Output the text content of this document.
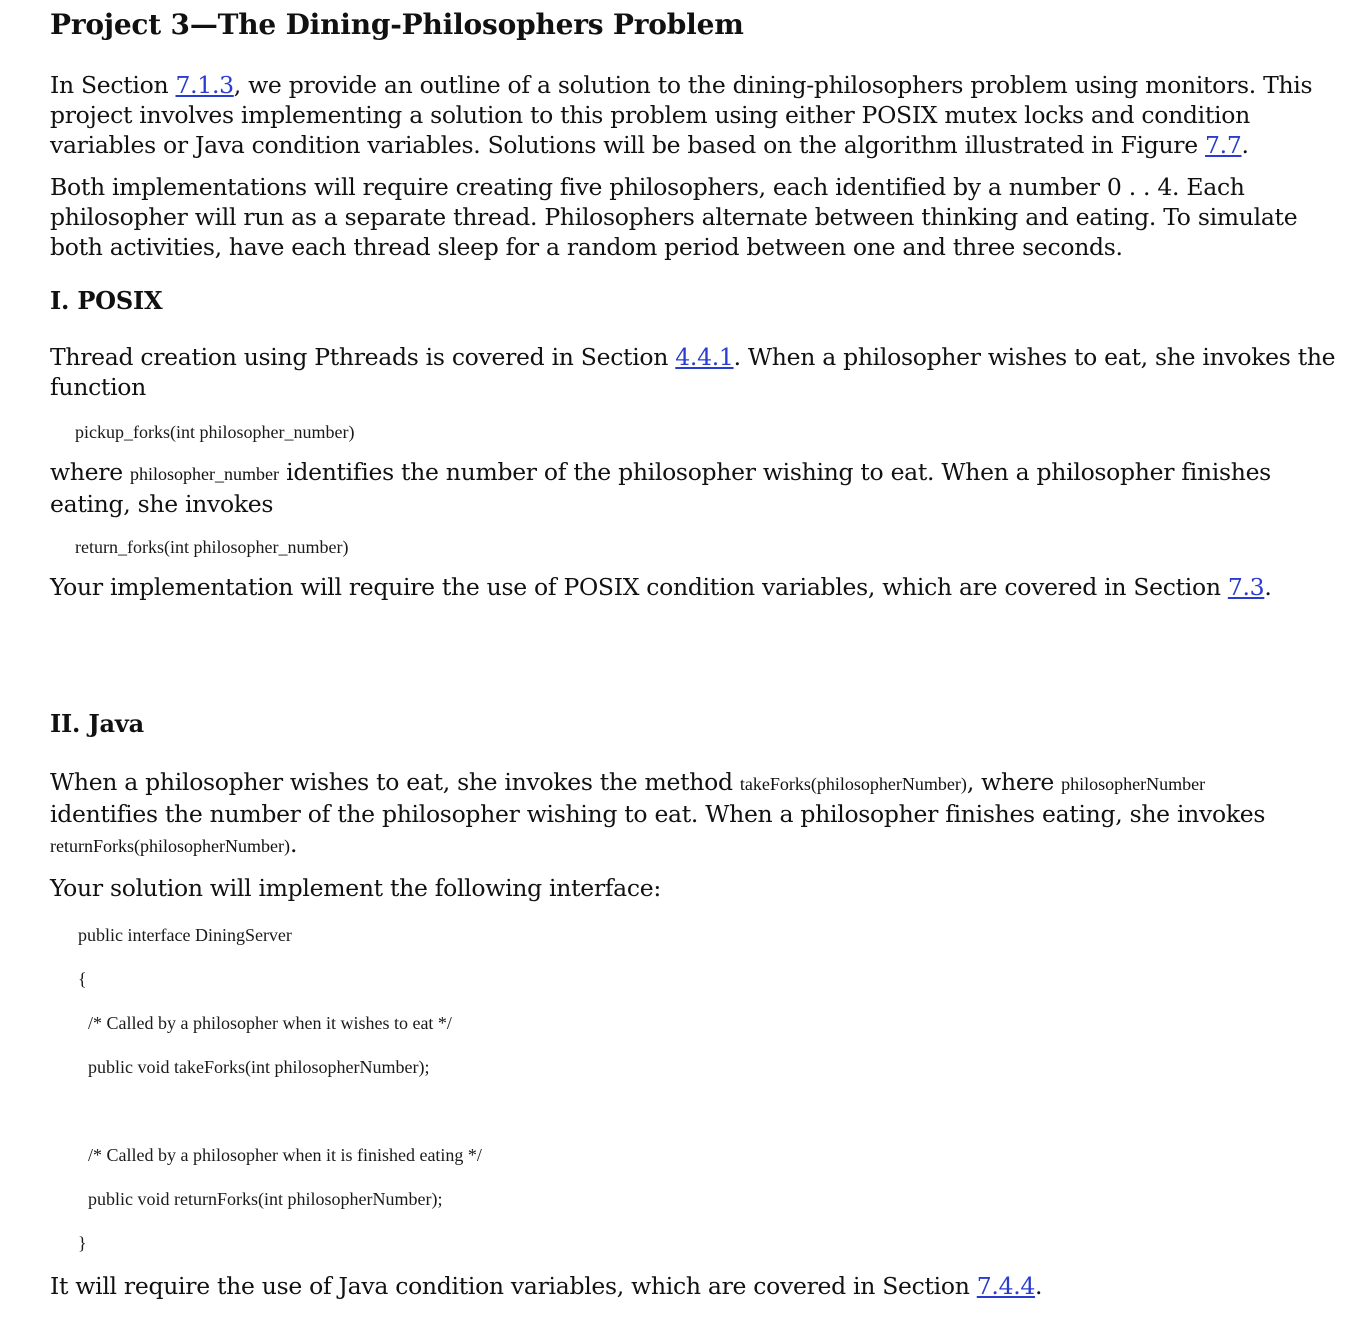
Project 3—The Dining-Philosophers Problem
In Section 7.1.3, we provide an outline of a solution to the dining-philosophers problem using monitors. This
project involves implementing a solution to this problem using either POSIX mutex locks and condition
variables or Java condition variables. Solutions will be based on the algorithm illustrated in Figure 7.7.
Both implementations will require creating five philosophers, each identified by a number 0 . . 4. Each
philosopher will run as a separate thread. Philosophers alternate between thinking and eating. To simulate
both activities, have each thread sleep for a random period between one and three seconds.
I. POSIX
Thread creation using Pthreads is covered in Section 4.4.1. When a philosopher wishes to eat, she invokes the
function
pickup_forks(int philosopher_number)
where philosopher_number identifies the number of the philosopher wishing to eat. When a philosopher finishes
eating, she invokes
return_forks(int philosopher_number)
Your implementation will require the use of POSIX condition variables, which are covered in Section 7.3.
II. Java
When a philosopher wishes to eat, she invokes the method takeForks(philosopherNumber), where philosopherNumber
identifies the number of the philosopher wishing to eat. When a philosopher finishes eating, she invokes
returnForks(philosopherNumber).
Your solution will implement the following interface:
public interface DiningServer
{
/* Called by a philosopher when it wishes to eat */
public void takeForks(int philosopherNumber);
/* Called by a philosopher when it is finished eating */
public void returnForks(int philosopherNumber);
}
It will require the use of Java condition variables, which are covered in Section 7.4.4.
